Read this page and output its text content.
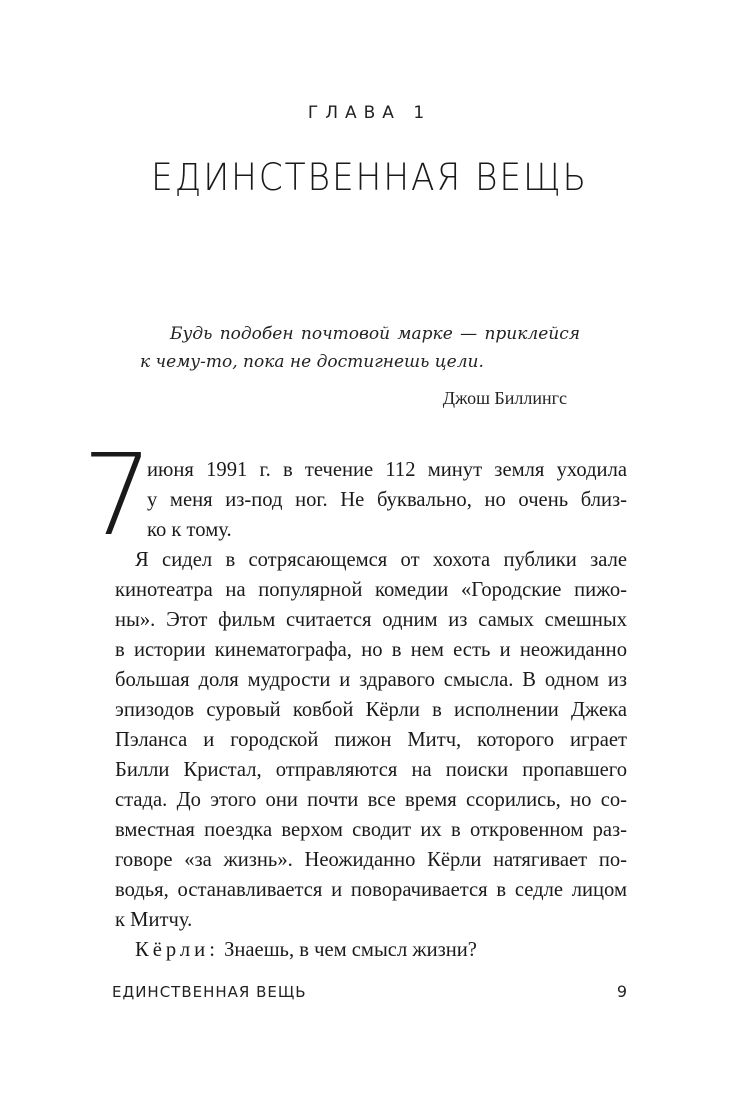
ГЛАВА 1
ЕДИНСТВЕННАЯ ВЕЩЬ
Будь подобен почтовой марке — приклейся
к чему-то, пока не достигнешь цели.
Джош Биллингс
7
июня 1991 г. в течение 112 минут земля уходила
у меня из-под ног. Не буквально, но очень близ-
ко к тому.
Я сидел в сотрясающемся от хохота публики зале
кинотеатра на популярной комедии «Городские пижо-
ны». Этот фильм считается одним из самых смешных
в истории кинематографа, но в нем есть и неожиданно
большая доля мудрости и здравого смысла. В одном из
эпизодов суровый ковбой Кёрли в исполнении Джека
Пэланса и городской пижон Митч, которого играет
Билли Кристал, отправляются на поиски пропавшего
стада. До этого они почти все время ссорились, но со-
вместная поездка верхом сводит их в откровенном раз-
говоре «за жизнь». Неожиданно Кёрли натягивает по-
водья, останавливается и поворачивается в седле лицом
к Митчу.
Кёрли: Знаешь, в чем смысл жизни?
ЕДИНСТВЕННАЯ ВЕЩЬ	9
